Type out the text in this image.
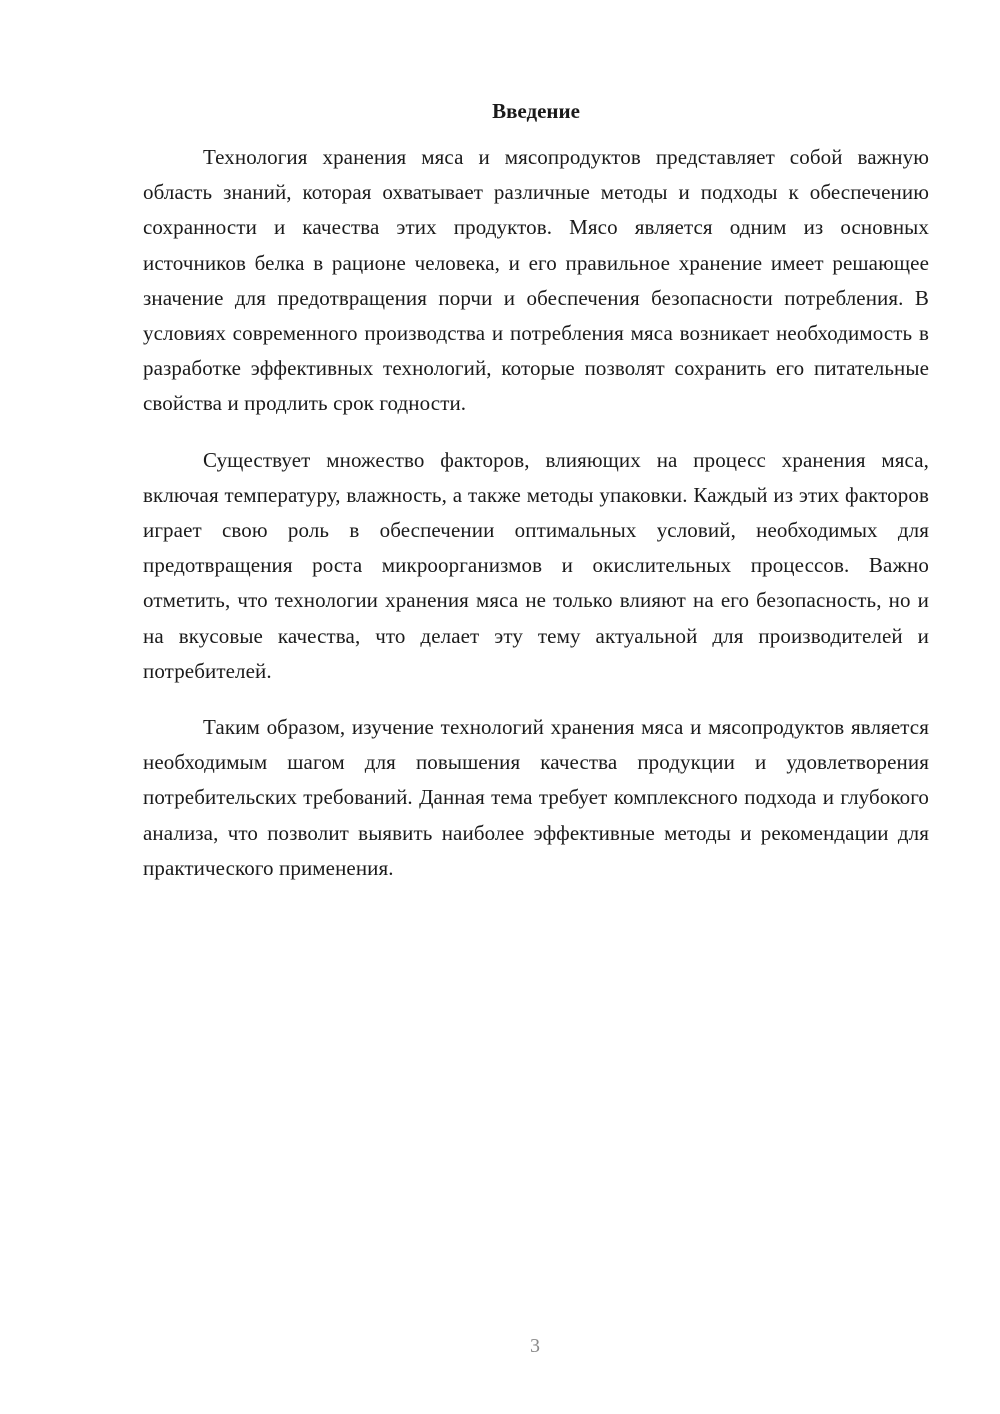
Введение

Технология хранения мяса и мясопродуктов представляет собой важную область знаний, которая охватывает различные методы и подходы к обеспечению сохранности и качества этих продуктов. Мясо является одним из основных источников белка в рационе человека, и его правильное хранение имеет решающее значение для предотвращения порчи и обеспечения безопасности потребления. В условиях современного производства и потребления мяса возникает необходимость в разработке эффективных технологий, которые позволят сохранить его питательные свойства и продлить срок годности.

Существует множество факторов, влияющих на процесс хранения мяса, включая температуру, влажность, а также методы упаковки. Каждый из этих факторов играет свою роль в обеспечении оптимальных условий, необходимых для предотвращения роста микроорганизмов и окислительных процессов. Важно отметить, что технологии хранения мяса не только влияют на его безопасность, но и на вкусовые качества, что делает эту тему актуальной для производителей и потребителей.

Таким образом, изучение технологий хранения мяса и мясопродуктов является необходимым шагом для повышения качества продукции и удовлетворения потребительских требований. Данная тема требует комплексного подхода и глубокого анализа, что позволит выявить наиболее эффективные методы и рекомендации для практического применения.

3
